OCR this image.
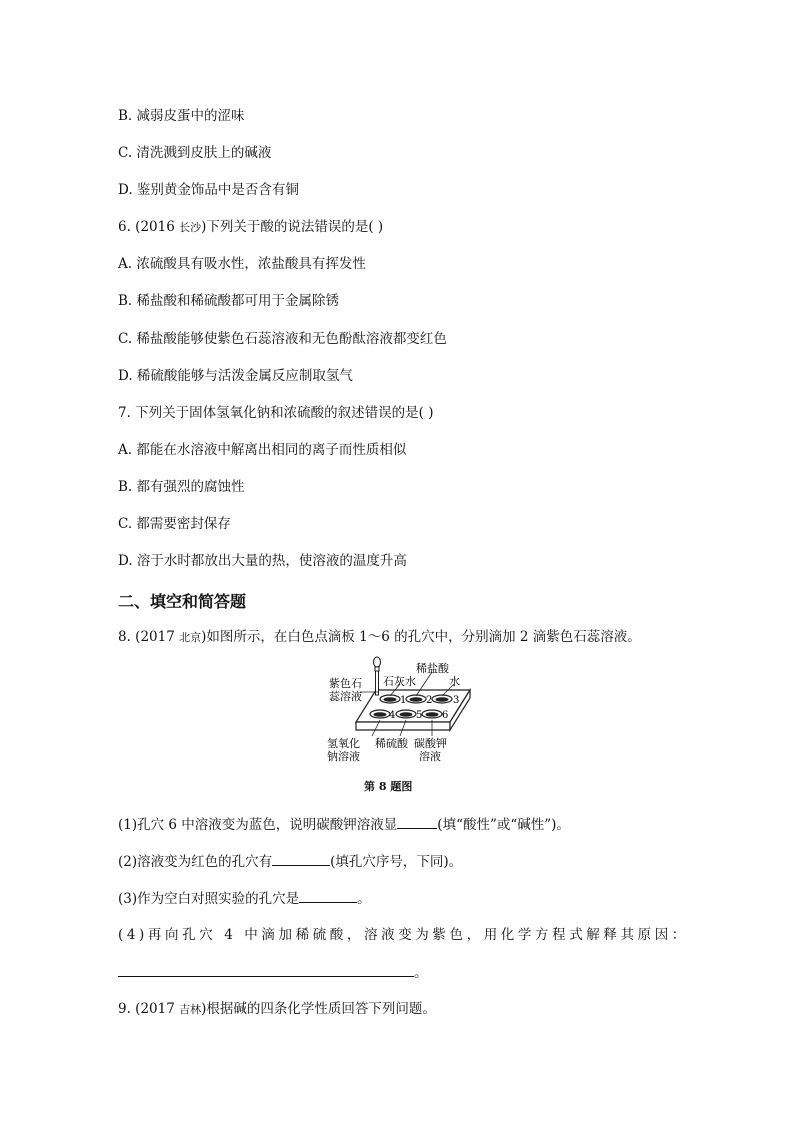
B. 减弱皮蛋中的涩味
C. 清洗溅到皮肤上的碱液
D. 鉴别黄金饰品中是否含有铜
6. (2016 长沙)下列关于酸的说法错误的是( )
A. 浓硫酸具有吸水性，浓盐酸具有挥发性
B. 稀盐酸和稀硫酸都可用于金属除锈
C. 稀盐酸能够使紫色石蕊溶液和无色酚酞溶液都变红色
D. 稀硫酸能够与活泼金属反应制取氢气
7. 下列关于固体氢氧化钠和浓硫酸的叙述错误的是( )
A. 都能在水溶液中解离出相同的离子而性质相似
B. 都有强烈的腐蚀性
C. 都需要密封保存
D. 溶于水时都放出大量的热，使溶液的温度升高
二、填空和简答题
8. (2017 北京)如图所示，在白色点滴板 1～6 的孔穴中，分别滴加 2 滴紫色石蕊溶液。
紫色石
蕊溶液
石灰水
稀盐酸
水
氢氧化
钠溶液
稀硫酸 碳酸钾
溶液
1 2 3
4 5 6
第 8 题图
(1)孔穴 6 中溶液变为蓝色，说明碳酸钾溶液显	(填“酸性”或“碱性”)。
(2)溶液变为红色的孔穴有	(填孔穴序号，下同)。
(3)作为空白对照实验的孔穴是	。
(4)再向孔穴 4 中滴加稀硫酸，溶液变为紫色，用化学方程式解释其原因：
。
9. (2017 吉林)根据碱的四条化学性质回答下列问题。
